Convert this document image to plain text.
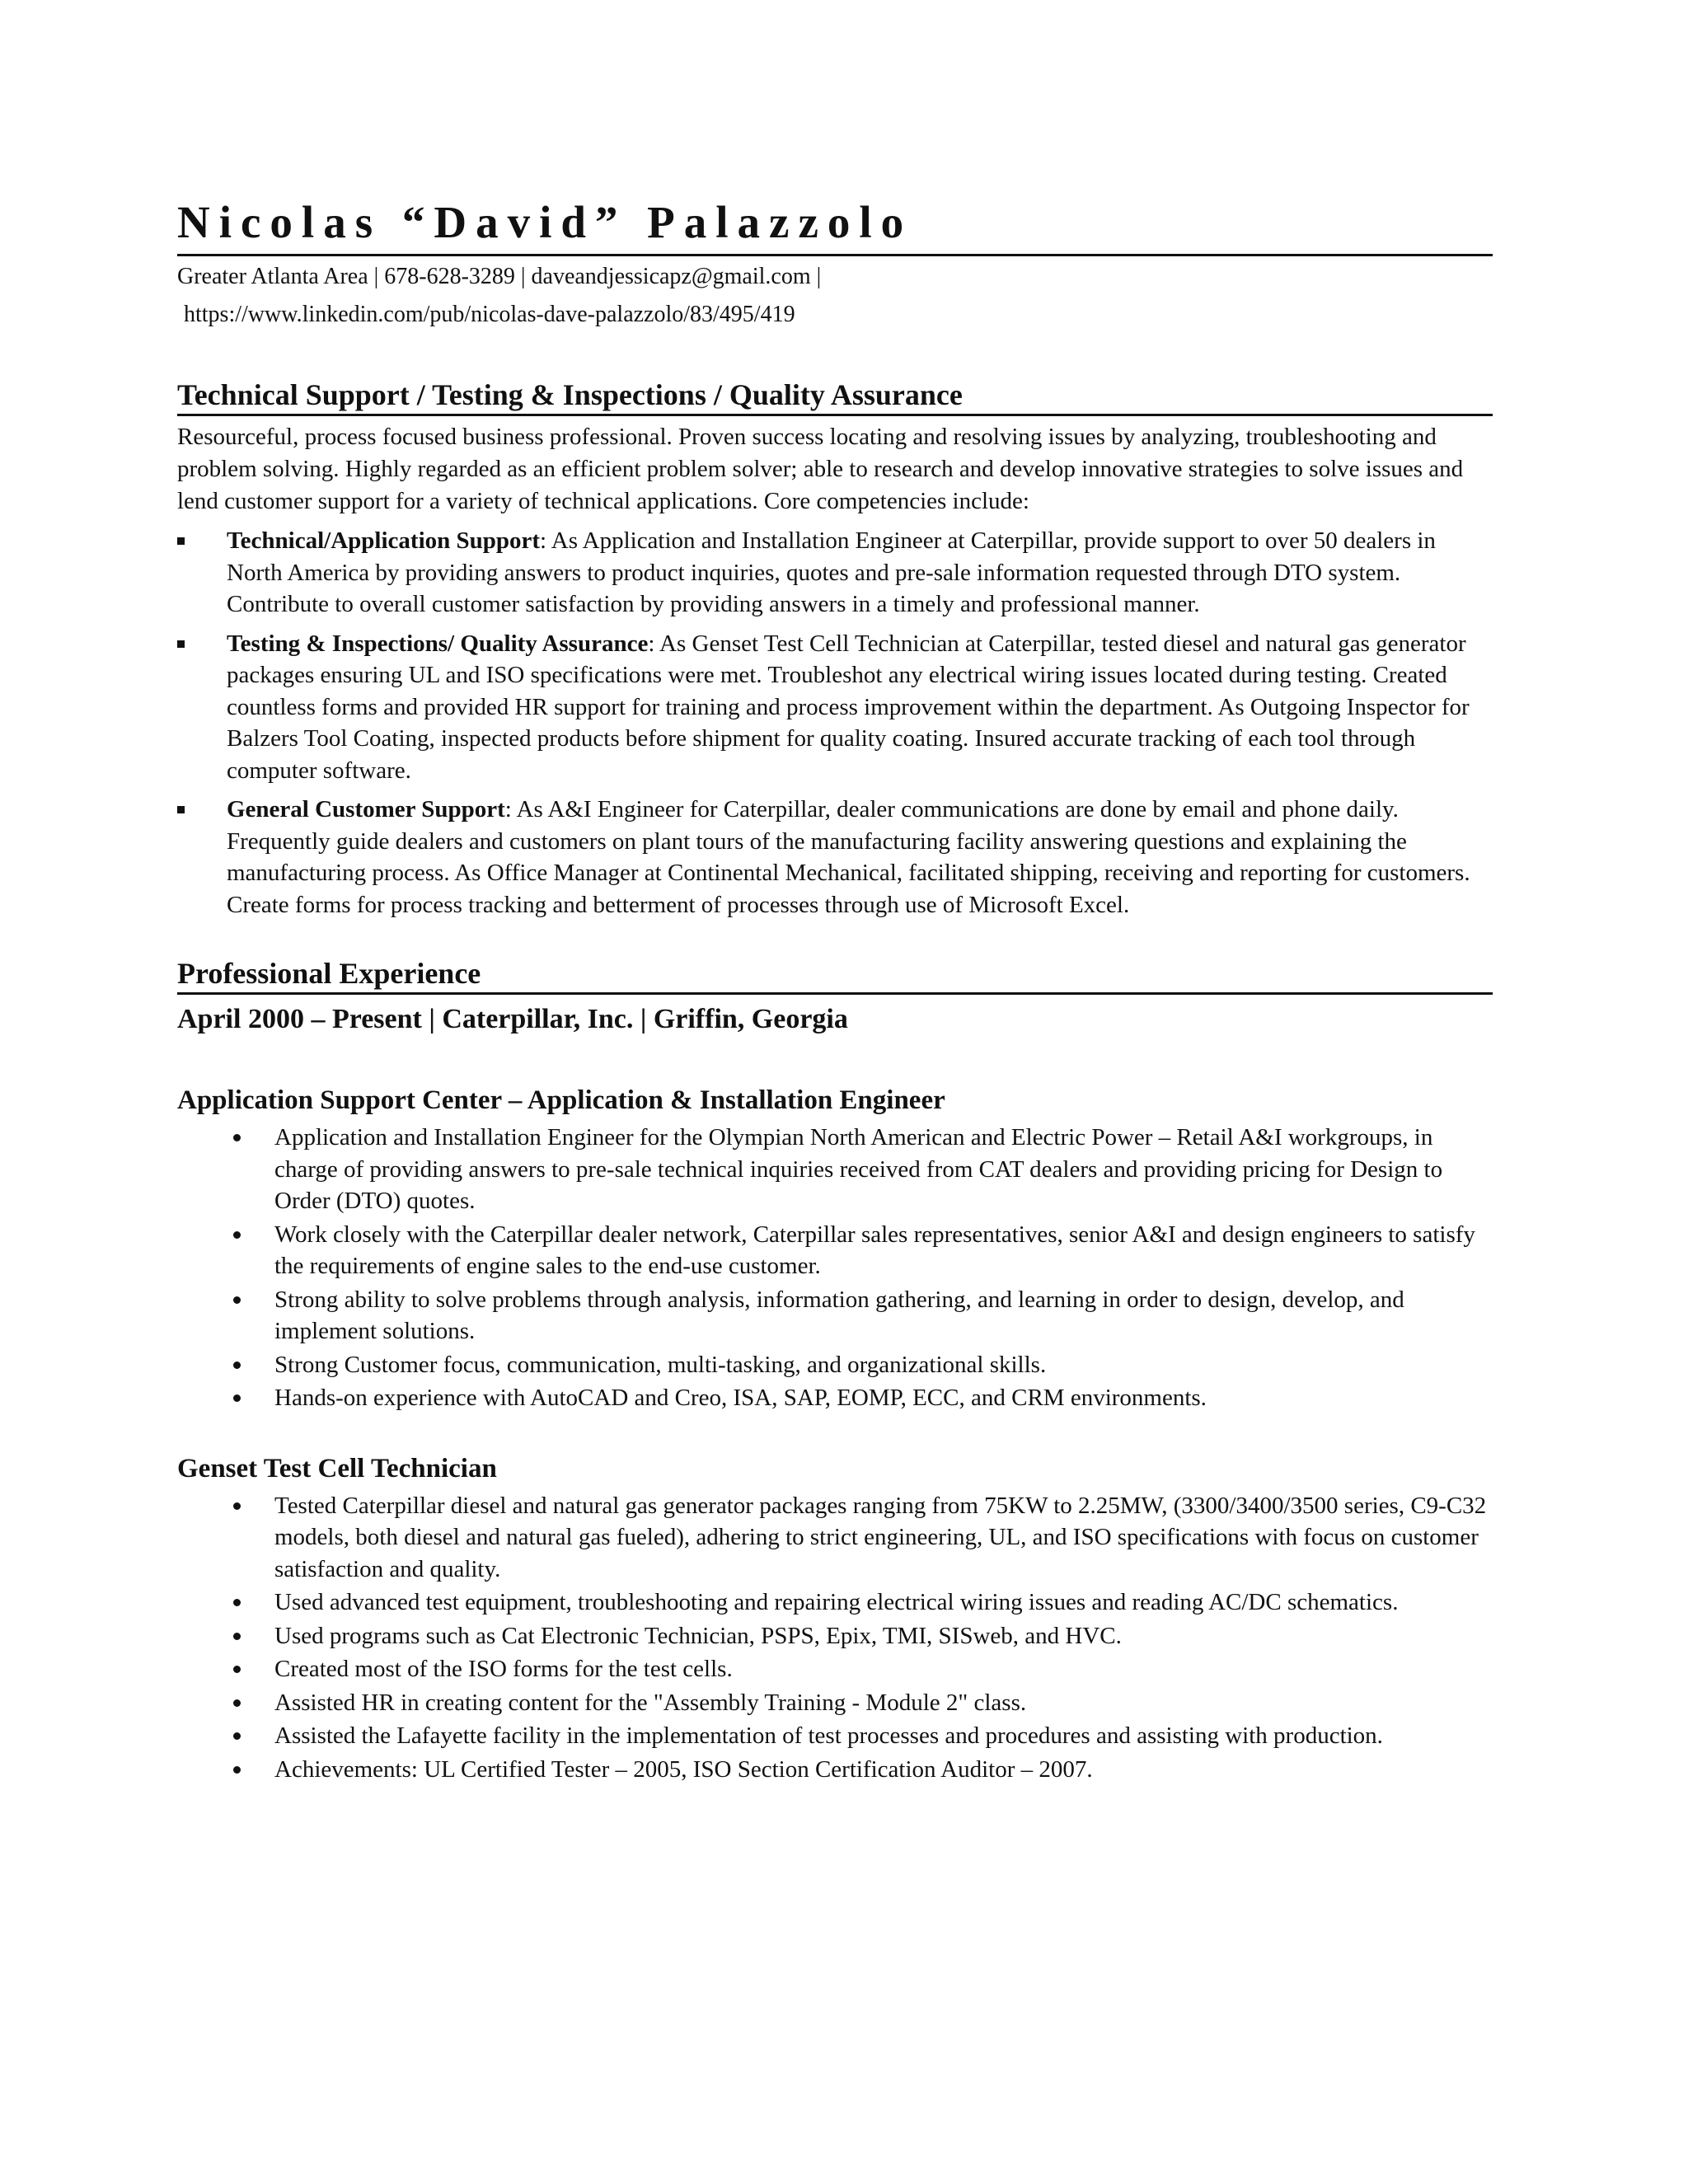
Nicolas “David” Palazzolo
Greater Atlanta Area | 678-628-3289 | daveandjessicapz@gmail.com |
https://www.linkedin.com/pub/nicolas-dave-palazzolo/83/495/419
Technical Support / Testing & Inspections / Quality Assurance

Resourceful, process focused business professional. Proven success locating and resolving issues by analyzing, troubleshooting and problem solving. Highly regarded as an efficient problem solver; able to research and develop innovative strategies to solve issues and lend customer support for a variety of technical applications. Core competencies include:

Technical/Application Support: As Application and Installation Engineer at Caterpillar, provide support to over 50 dealers in North America by providing answers to product inquiries, quotes and pre-sale information requested through DTO system. Contribute to overall customer satisfaction by providing answers in a timely and professional manner.
Testing & Inspections/ Quality Assurance: As Genset Test Cell Technician at Caterpillar, tested diesel and natural gas generator packages ensuring UL and ISO specifications were met. Troubleshot any electrical wiring issues located during testing. Created countless forms and provided HR support for training and process improvement within the department. As Outgoing Inspector for Balzers Tool Coating, inspected products before shipment for quality coating. Insured accurate tracking of each tool through computer software.
General Customer Support: As A&I Engineer for Caterpillar, dealer communications are done by email and phone daily. Frequently guide dealers and customers on plant tours of the manufacturing facility answering questions and explaining the manufacturing process. As Office Manager at Continental Mechanical, facilitated shipping, receiving and reporting for customers. Create forms for process tracking and betterment of processes through use of Microsoft Excel.
Professional Experience
April 2000 – Present | Caterpillar, Inc. | Griffin, Georgia
Application Support Center – Application & Installation Engineer
Application and Installation Engineer for the Olympian North American and Electric Power – Retail A&I workgroups, in charge of providing answers to pre-sale technical inquiries received from CAT dealers and providing pricing for Design to Order (DTO) quotes.
Work closely with the Caterpillar dealer network, Caterpillar sales representatives, senior A&I and design engineers to satisfy the requirements of engine sales to the end-use customer.
Strong ability to solve problems through analysis, information gathering, and learning in order to design, develop, and implement solutions.
Strong Customer focus, communication, multi-tasking, and organizational skills.
Hands-on experience with AutoCAD and Creo, ISA, SAP, EOMP, ECC, and CRM environments.
Genset Test Cell Technician
Tested Caterpillar diesel and natural gas generator packages ranging from 75KW to 2.25MW, (3300/3400/3500 series, C9-C32 models, both diesel and natural gas fueled), adhering to strict engineering, UL, and ISO specifications with focus on customer satisfaction and quality.
Used advanced test equipment, troubleshooting and repairing electrical wiring issues and reading AC/DC schematics.
Used programs such as Cat Electronic Technician, PSPS, Epix, TMI, SISweb, and HVC.
Created most of the ISO forms for the test cells.
Assisted HR in creating content for the "Assembly Training - Module 2" class.
Assisted the Lafayette facility in the implementation of test processes and procedures and assisting with production.
Achievements: UL Certified Tester – 2005, ISO Section Certification Auditor – 2007.
